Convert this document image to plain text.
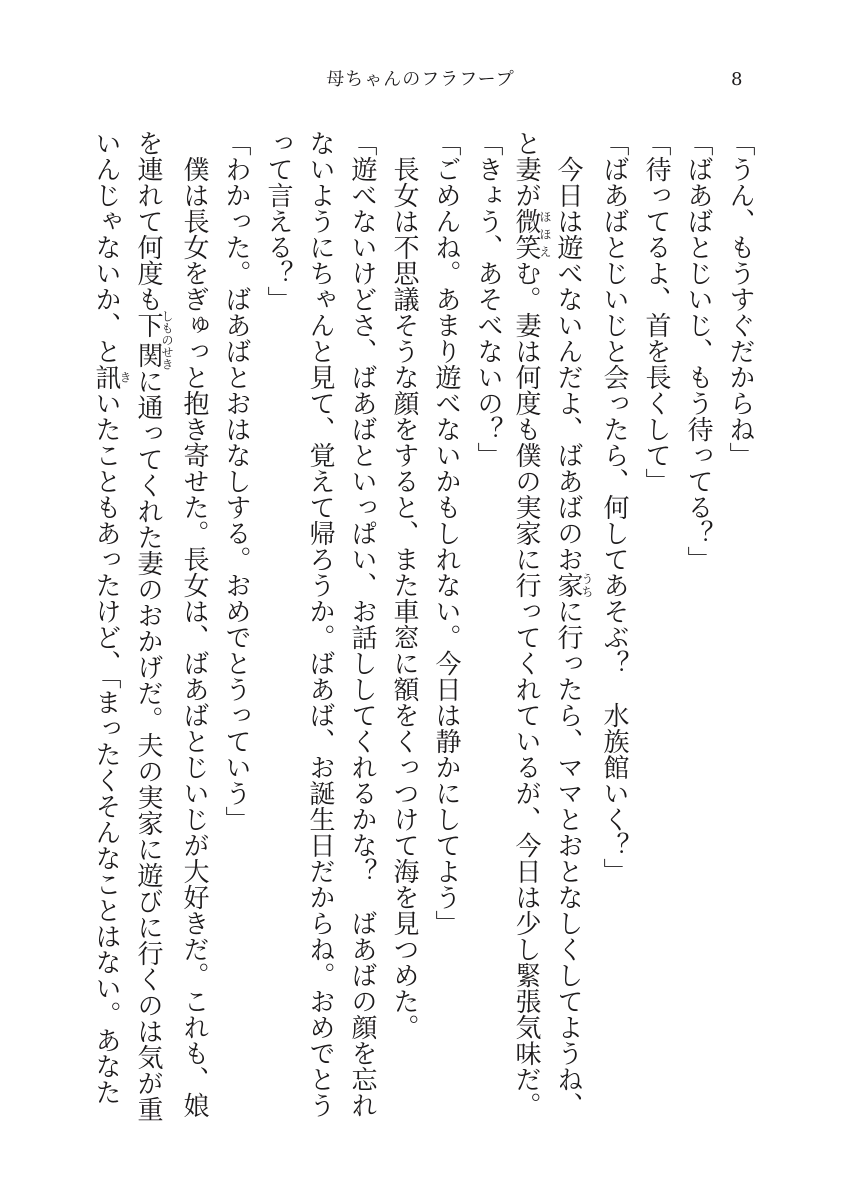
母ちゃんのフラフープ	8
「うん、もうすぐだからね」
「ばあばとじいじ、もう待ってる？」
「待ってるよ、首を長くして」
「ばあばとじいじと会ったら、何してあそぶ？　水族館いく？」
今日は遊べないんだよ、ばあばのお家うちに行ったら、ママとおとなしくしてようね、
と妻が微笑ほほえむ。妻は何度も僕の実家に行ってくれているが、今日は少し緊張気味だ。
「きょう、あそべないの？」
「ごめんね。あまり遊べないかもしれない。今日は静かにしてよう」
長女は不思議そうな顔をすると、また車窓に額をくっつけて海を見つめた。
「遊べないけどさ、ばあばといっぱい、お話ししてくれるかな？　ばあばの顔を忘れ
ないようにちゃんと見て、覚えて帰ろうか。ばあば、お誕生日だからね。おめでとう
って言える？」
「わかった。ばあばとおはなしする。おめでとうっていう」
僕は長女をぎゅっと抱き寄せた。長女は、ばあばとじいじが大好きだ。これも、娘
を連れて何度も下関しものせきに通ってくれた妻のおかげだ。夫の実家に遊びに行くのは気が重
いんじゃないか、と訊きいたこともあったけど、「まったくそんなことはない。あなた
